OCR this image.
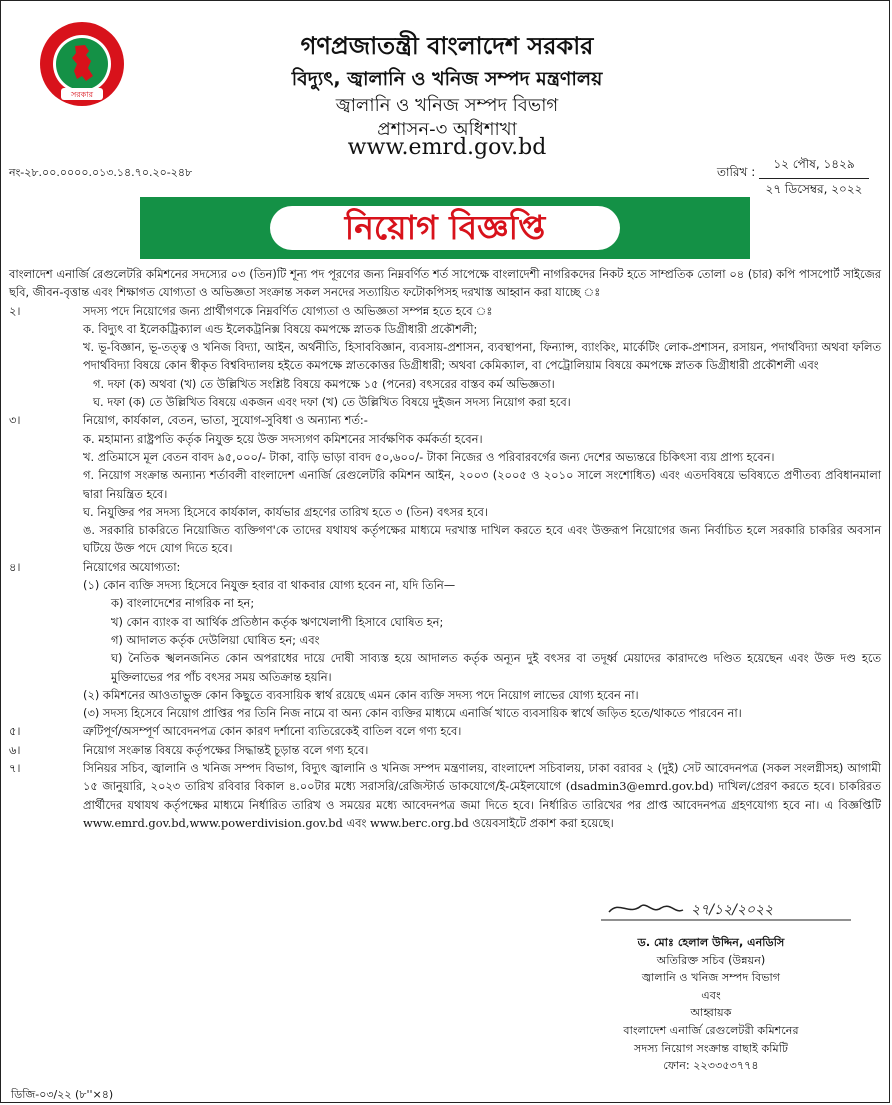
সরকার
গণপ্রজাতন্ত্রী বাংলাদেশ সরকার
বিদ্যুৎ, জ্বালানি ও খনিজ সম্পদ মন্ত্রণালয়
জ্বালানি ও খনিজ সম্পদ বিভাগ
প্রশাসন-৩ অধিশাখা
www.emrd.gov.bd
নং-২৮.০০.০০০০.০১৩.১৪.৭০.২০-২৪৮	তারিখ :
১২ পৌষ, ১৪২৯
২৭ ডিসেম্বর, ২০২২
নিয়োগ বিজ্ঞপ্তি

বাংলাদেশ এনার্জি রেগুলেটরি কমিশনের সদস্যের ০৩ (তিন)টি শূন্য পদ পূরণের জন্য নিম্নবর্ণিত শর্ত সাপেক্ষে বাংলাদেশী নাগরিকদের নিকট হতে সাম্প্রতিক তোলা ০৪ (চার) কপি পাসপোর্ট সাইজের ছবি, জীবন-বৃত্তান্ত এবং শিক্ষাগত যোগ্যতা ও অভিজ্ঞতা সংক্রান্ত সকল সনদের সত্যায়িত ফটোকপিসহ দরখাস্ত আহ্বান করা যাচ্ছে ঃ

২।	সদস্য পদে নিয়োগের জন্য প্রার্থীগণকে নিম্নবর্ণিত যোগ্যতা ও অভিজ্ঞতা সম্পন্ন হতে হবে ঃ

ক. বিদ্যুৎ বা ইলেকট্রিক্যাল এন্ড ইলেকট্রনিক্স বিষয়ে কমপক্ষে স্নাতক ডিগ্রীধারী প্রকৌশলী;

খ. ভূ-বিজ্ঞান, ভূ-তত্ত্ব ও খনিজ বিদ্যা, আইন, অর্থনীতি, হিসাববিজ্ঞান, ব্যবসায়-প্রশাসন, ব্যবস্থাপনা, ফিন্যান্স, ব্যাংকিং, মার্কেটিং লোক-প্রশাসন, রসায়ন, পদার্থবিদ্যা অথবা ফলিত পদার্থবিদ্যা বিষয়ে কোন স্বীকৃত বিশ্ববিদ্যালয় হইতে কমপক্ষে স্নাতকোত্তর ডিগ্রীধারী; অথবা কেমিক্যাল, বা পেট্রোলিয়াম বিষয়ে কমপক্ষে স্নাতক ডিগ্রীধারী প্রকৌশলী এবং

গ. দফা (ক) অথবা (খ) তে উল্লিখিত সংশ্লিষ্ট বিষয়ে কমপক্ষে ১৫ (পনের) বৎসরের বাস্তব কর্ম অভিজ্ঞতা।

ঘ. দফা (ক) তে উল্লিখিত বিষয়ে একজন এবং দফা (খ) তে উল্লিখিত বিষয়ে দুইজন সদস্য নিয়োগ করা হবে।

৩।	নিয়োগ, কার্যকাল, বেতন, ভাতা, সুযোগ-সুবিধা ও অন্যান্য শর্ত:-

ক. মহামান্য রাষ্ট্রপতি কর্তৃক নিযুক্ত হয়ে উক্ত সদস্যগণ কমিশনের সার্বক্ষণিক কর্মকর্তা হবেন।

খ. প্রতিমাসে মূল বেতন বাবদ ৯৫,০০০/- টাকা, বাড়ি ভাড়া বাবদ ৫০,৬০০/- টাকা নিজের ও পরিবারবর্গের জন্য দেশের অভ্যন্তরে চিকিৎসা ব্যয় প্রাপ্য হবেন।

গ. নিয়োগ সংক্রান্ত অন্যান্য শর্তাবলী বাংলাদেশ এনার্জি রেগুলেটরি কমিশন আইন, ২০০৩ (২০০৫ ও ২০১০ সালে সংশোধিত) এবং এতদবিষয়ে ভবিষ্যতে প্রণীতব্য প্রবিধানমালা দ্বারা নিয়ন্ত্রিত হবে।

ঘ. নিযুক্তির পর সদস্য হিসেবে কার্যকাল, কার্যভার গ্রহণের তারিখ হতে ৩ (তিন) বৎসর হবে।

ঙ. সরকারি চাকরিতে নিয়োজিত ব্যক্তিগণ'কে তাদের যথাযথ কর্তৃপক্ষের মাধ্যমে দরখাস্ত দাখিল করতে হবে এবং উক্তরূপ নিয়োগের জন্য নির্বাচিত হলে সরকারি চাকরির অবসান ঘটিয়ে উক্ত পদে যোগ দিতে হবে।

৪।	নিয়োগের অযোগ্যতা:

(১) কোন ব্যক্তি সদস্য হিসেবে নিযুক্ত হবার বা থাকবার যোগ্য হবেন না, যদি তিনি—

ক) বাংলাদেশের নাগরিক না হন;

খ) কোন ব্যাংক বা আর্থিক প্রতিষ্ঠান কর্তৃক ঋণখেলাপী হিসাবে ঘোষিত হন;

গ) আদালত কর্তৃক দেউলিয়া ঘোষিত হন; এবং

ঘ) নৈতিক স্খলনজনিত কোন অপরাধের দায়ে দোষী সাব্যস্ত হয়ে আদালত কর্তৃক অন্যূন দুই বৎসর বা তদূর্ধ্ব মেয়াদের কারাদণ্ডে দণ্ডিত হয়েছেন এবং উক্ত দণ্ড হতে মুক্তিলাভের পর পাঁচ বৎসর সময় অতিক্রান্ত হয়নি।

(২) কমিশনের আওতাভুক্ত কোন কিছুতে ব্যবসায়িক স্বার্থ রয়েছে এমন কোন ব্যক্তি সদস্য পদে নিয়োগ লাভের যোগ্য হবেন না।

(৩) সদস্য হিসেবে নিয়োগ প্রাপ্তির পর তিনি নিজ নামে বা অন্য কোন ব্যক্তির মাধ্যমে এনার্জি খাতে ব্যবসায়িক স্বার্থে জড়িত হতে/থাকতে পারবেন না।

৫।	ত্রুটিপূর্ণ/অসম্পূর্ণ আবেদনপত্র কোন কারণ দর্শানো ব্যতিরেকেই বাতিল বলে গণ্য হবে।
৬।	নিয়োগ সংক্রান্ত বিষয়ে কর্তৃপক্ষের সিদ্ধান্তই চূড়ান্ত বলে গণ্য হবে।
৭।	সিনিয়র সচিব, জ্বালানি ও খনিজ সম্পদ বিভাগ, বিদ্যুৎ জ্বালানি ও খনিজ সম্পদ মন্ত্রণালয়, বাংলাদেশ সচিবালয়, ঢাকা বরাবর ২ (দুই) সেট আবেদনপত্র (সকল সংলগ্নীসহ) আগামী ১৫ জানুয়ারি, ২০২৩ তারিখ রবিবার বিকাল ৪.০০টার মধ্যে সরাসরি/রেজিস্টার্ড ডাকযোগে/ই-মেইলযোগে (dsadmin3@emrd.gov.bd) দাখিল/প্রেরণ করতে হবে। চাকরিরত প্রার্থীদের যথাযথ কর্তৃপক্ষের মাধ্যমে নির্ধারিত তারিখ ও সময়ের মধ্যে আবেদনপত্র জমা দিতে হবে। নির্ধারিত তারিখের পর প্রাপ্ত আবেদনপত্র গ্রহণযোগ্য হবে না। এ বিজ্ঞপ্তিটি www.emrd.gov.bd,www.powerdivision.gov.bd এবং www.berc.org.bd ওয়েবসাইটে প্রকাশ করা হয়েছে।
২৭/১২/২০২২
ড. মোঃ হেলাল উদ্দিন, এনডিসি
অতিরিক্ত সচিব (উন্নয়ন)
জ্বালানি ও খনিজ সম্পদ বিভাগ
এবং
আহ্বায়ক
বাংলাদেশ এনার্জি রেগুলেটরী কমিশনের
সদস্য নিয়োগ সংক্রান্ত বাছাই কমিটি
ফোন: ২২৩৩৫৩৭৭৪
ডিজি-০৩/২২ (৮''×৪)
